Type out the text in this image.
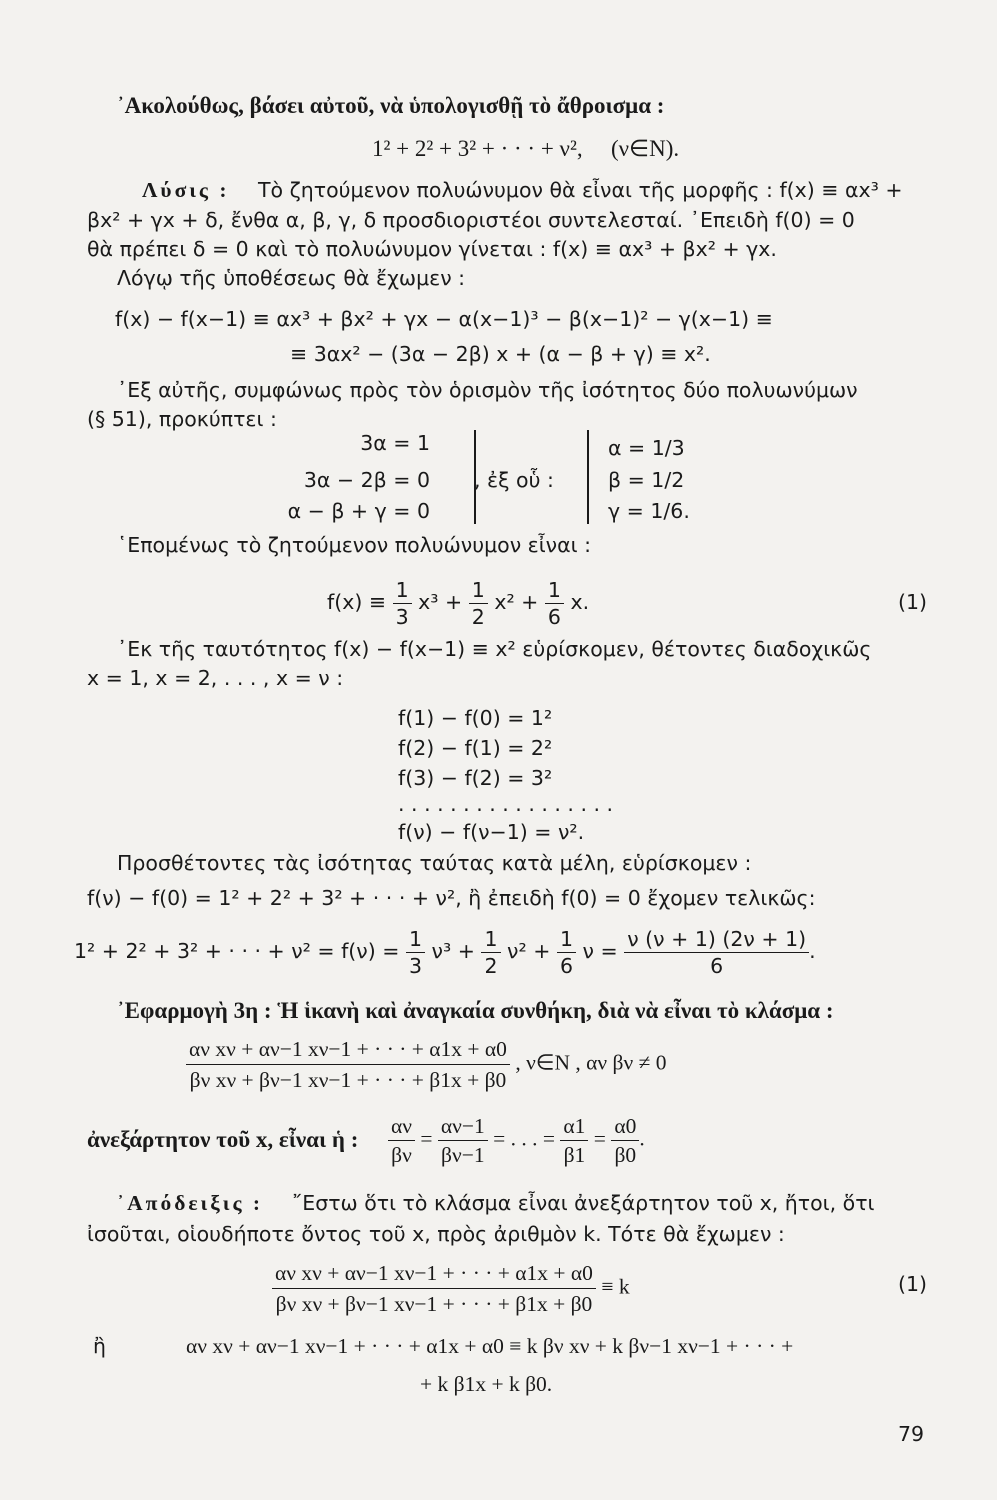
᾿Ακολούθως, βάσει αὐτοῦ, νὰ ὑπολογισθῇ τὸ ἄθροισμα :
1² + 2² + 3² + · · · + ν², (ν∈N).
Λύσις : Τὸ ζητούμενον πολυώνυμον θὰ εἶναι τῆς μορφῆς : f(x) ≡ αx³ +
βx² + γx + δ, ἔνθα α, β, γ, δ προσδιοριστέοι συντελεσταί. ᾿Επειδὴ f(0) = 0
θὰ πρέπει δ = 0 καὶ τὸ πολυώνυμον γίνεται : f(x) ≡ αx³ + βx² + γx.
Λόγῳ τῆς ὑποθέσεως θὰ ἔχωμεν :
f(x) − f(x−1) ≡ αx³ + βx² + γx − α(x−1)³ − β(x−1)² − γ(x−1) ≡
≡ 3αx² − (3α − 2β) x + (α − β + γ) ≡ x².
᾿Εξ αὐτῆς, συμφώνως πρὸς τὸν ὁρισμὸν τῆς ἰσότητος δύο πολυωνύμων
(§ 51), προκύπτει :
3α = 1
3α − 2β = 0
α − β + γ = 0
, ἐξ οὗ :
α = 1/3
β = 1/2
γ = 1/6.
῾Επομένως τὸ ζητούμενον πολυώνυμον εἶναι :
$f(x) \equiv \frac{1}{3} x^3 + \frac{1}{2} x^2 + \frac{1}{6} x$.	(1)
᾿Εκ τῆς ταυτότητος f(x) − f(x−1) ≡ x² εὑρίσκομεν, θέτοντες διαδοχικῶς
x = 1, x = 2, . . . , x = ν :
f(1) − f(0) = 1²
f(2) − f(1) = 2²
f(3) − f(2) = 3²
. . . . . . . . . . . . . . . . .
f(ν) − f(ν−1) = ν².
Προσθέτοντες τὰς ἰσότητας ταύτας κατὰ μέλη, εὑρίσκομεν :
f(ν) − f(0) = 1² + 2² + 3² + · · · + ν², ἢ ἐπειδὴ f(0) = 0 ἔχομεν τελικῶς:
1² + 2² + 3² + · · · + $\nu^2 = f(\nu) = \frac{1}{3} \nu^3 + \frac{1}{2} \nu^2 + \frac{1}{6}$ $\nu = \frac{\nu (\nu + 1) (2\nu + 1)}{6}$ .
᾿Εφαρμογὴ 3η : Ἡ ἱκανὴ καὶ ἀναγκαία συνθήκη, διὰ νὰ εἶναι τὸ κλάσμα :
$\frac{\text{αν xν + αν−1 xν−1 + · · · + α1x + α0}}{\text{βν xν + βν−1 xν−1 + · · · + β1x + β0}}$ , ν∈N , αν βν ≠ 0
ἀνεξάρτητον τοῦ x, εἶναι ἡ : $\frac{\alpha\nu}{\beta\nu} = \frac{\alpha\nu-1}{\beta\nu-1}$ = . . . = $\frac{\alpha 1}{\beta 1} = \frac{\alpha 0}{\beta 0}$ .
᾿Απόδειξις : ῎Εστω ὅτι τὸ κλάσμα εἶναι ἀνεξάρτητον τοῦ x, ἤτοι, ὅτι
ἰσοῦται, οἱουδήποτε ὄντος τοῦ x, πρὸς ἀριθμὸν k. Τότε θὰ ἔχωμεν :
$\frac{\text{αν xν + αν−1 xν−1 + · · · + α1x + α0}}{\text{βν xν + βν−1 xν−1 + · · · + β1x + β0}} \equiv k$	(1)
ἢ	αν xν + αν−1 xν−1 + · · · + α1x + α0 ≡ k βν xν + k βν−1 xν−1 + · · · +
+ k β1x + k β0.
79
